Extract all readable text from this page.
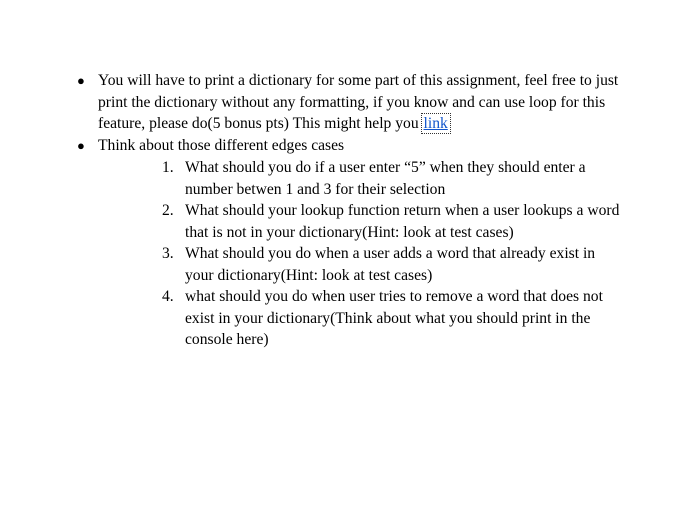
● You will have to print a dictionary for some part of this assignment, feel free to just print the dictionary without any formatting, if you know and can use loop for this feature, please do(5 bonus pts) This might help you link
● Think about those different edges cases
1. What should you do if a user enter “5” when they should enter a number betwen 1 and 3 for their selection
2. What should your lookup function return when a user lookups a word that is not in your dictionary(Hint: look at test cases)
3. What should you do when a user adds a word that already exist in your dictionary(Hint: look at test cases)
4. what should you do when user tries to remove a word that does not exist in your dictionary(Think about what you should print in the console here)
